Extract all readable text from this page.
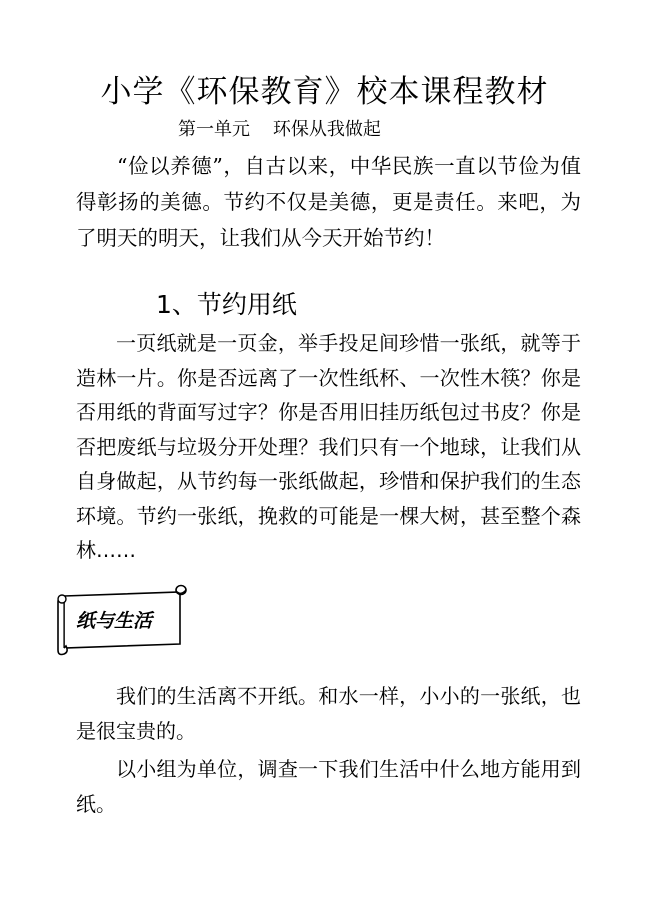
小学《环保教育》校本课程教材
第一单元    环保从我做起

“俭以养德”，自古以来，中华民族一直以节俭为值得彰扬的美德。节约不仅是美德，更是责任。来吧，为了明天的明天，让我们从今天开始节约！

1、节约用纸

一页纸就是一页金，举手投足间珍惜一张纸，就等于造林一片。你是否远离了一次性纸杯、一次性木筷？你是否用纸的背面写过字？你是否用旧挂历纸包过书皮？你是否把废纸与垃圾分开处理？我们只有一个地球，让我们从自身做起，从节约每一张纸做起，珍惜和保护我们的生态环境。节约一张纸，挽救的可能是一棵大树，甚至整个森林……

纸与生活

我们的生活离不开纸。和水一样，小小的一张纸，也是很宝贵的。

以小组为单位，调查一下我们生活中什么地方能用到纸。
